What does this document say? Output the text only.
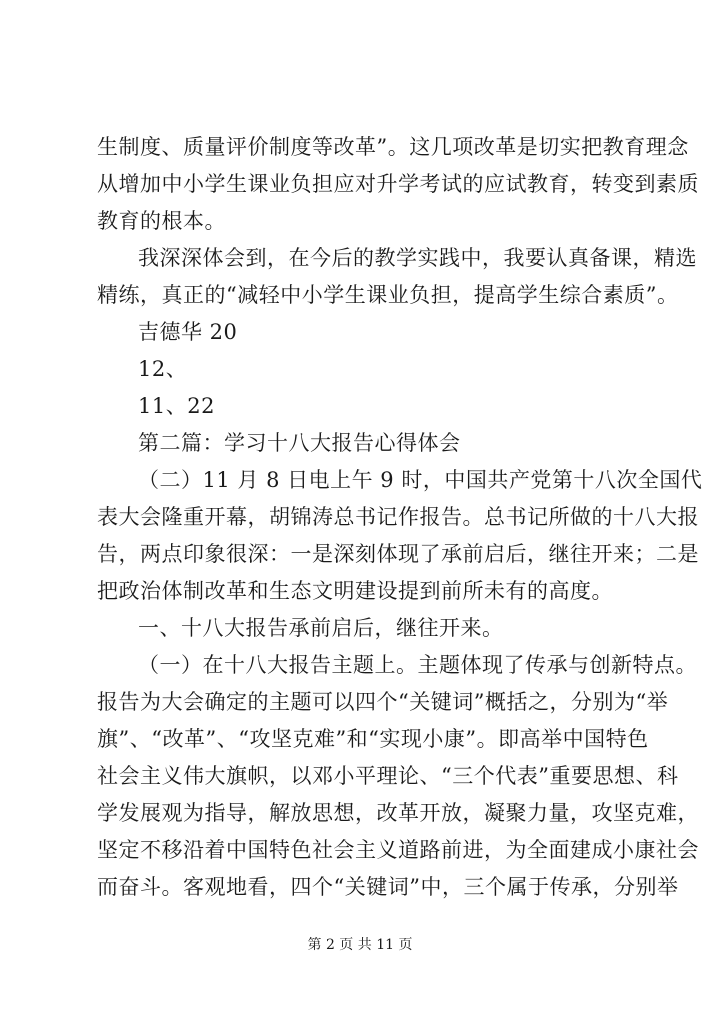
生制度、质量评价制度等改革”。这几项改革是切实把教育理念
从增加中小学生课业负担应对升学考试的应试教育，转变到素质
教育的根本。
我深深体会到，在今后的教学实践中，我要认真备课，精选
精练，真正的“减轻中小学生课业负担，提高学生综合素质”。
吉德华 20
12、
11、22
第二篇：学习十八大报告心得体会
（二）11 月 8 日电上午 9 时，中国共产党第十八次全国代
表大会隆重开幕，胡锦涛总书记作报告。总书记所做的十八大报
告，两点印象很深：一是深刻体现了承前启后，继往开来；二是
把政治体制改革和生态文明建设提到前所未有的高度。
一、十八大报告承前启后，继往开来。
（一）在十八大报告主题上。主题体现了传承与创新特点。
报告为大会确定的主题可以四个“关键词”概括之，分别为“举
旗”、“改革”、“攻坚克难”和“实现小康”。即高举中国特色
社会主义伟大旗帜，以邓小平理论、“三个代表”重要思想、科
学发展观为指导，解放思想，改革开放，凝聚力量，攻坚克难，
坚定不移沿着中国特色社会主义道路前进，为全面建成小康社会
而奋斗。客观地看，四个“关键词”中，三个属于传承，分别举
第 2 页 共 11 页
